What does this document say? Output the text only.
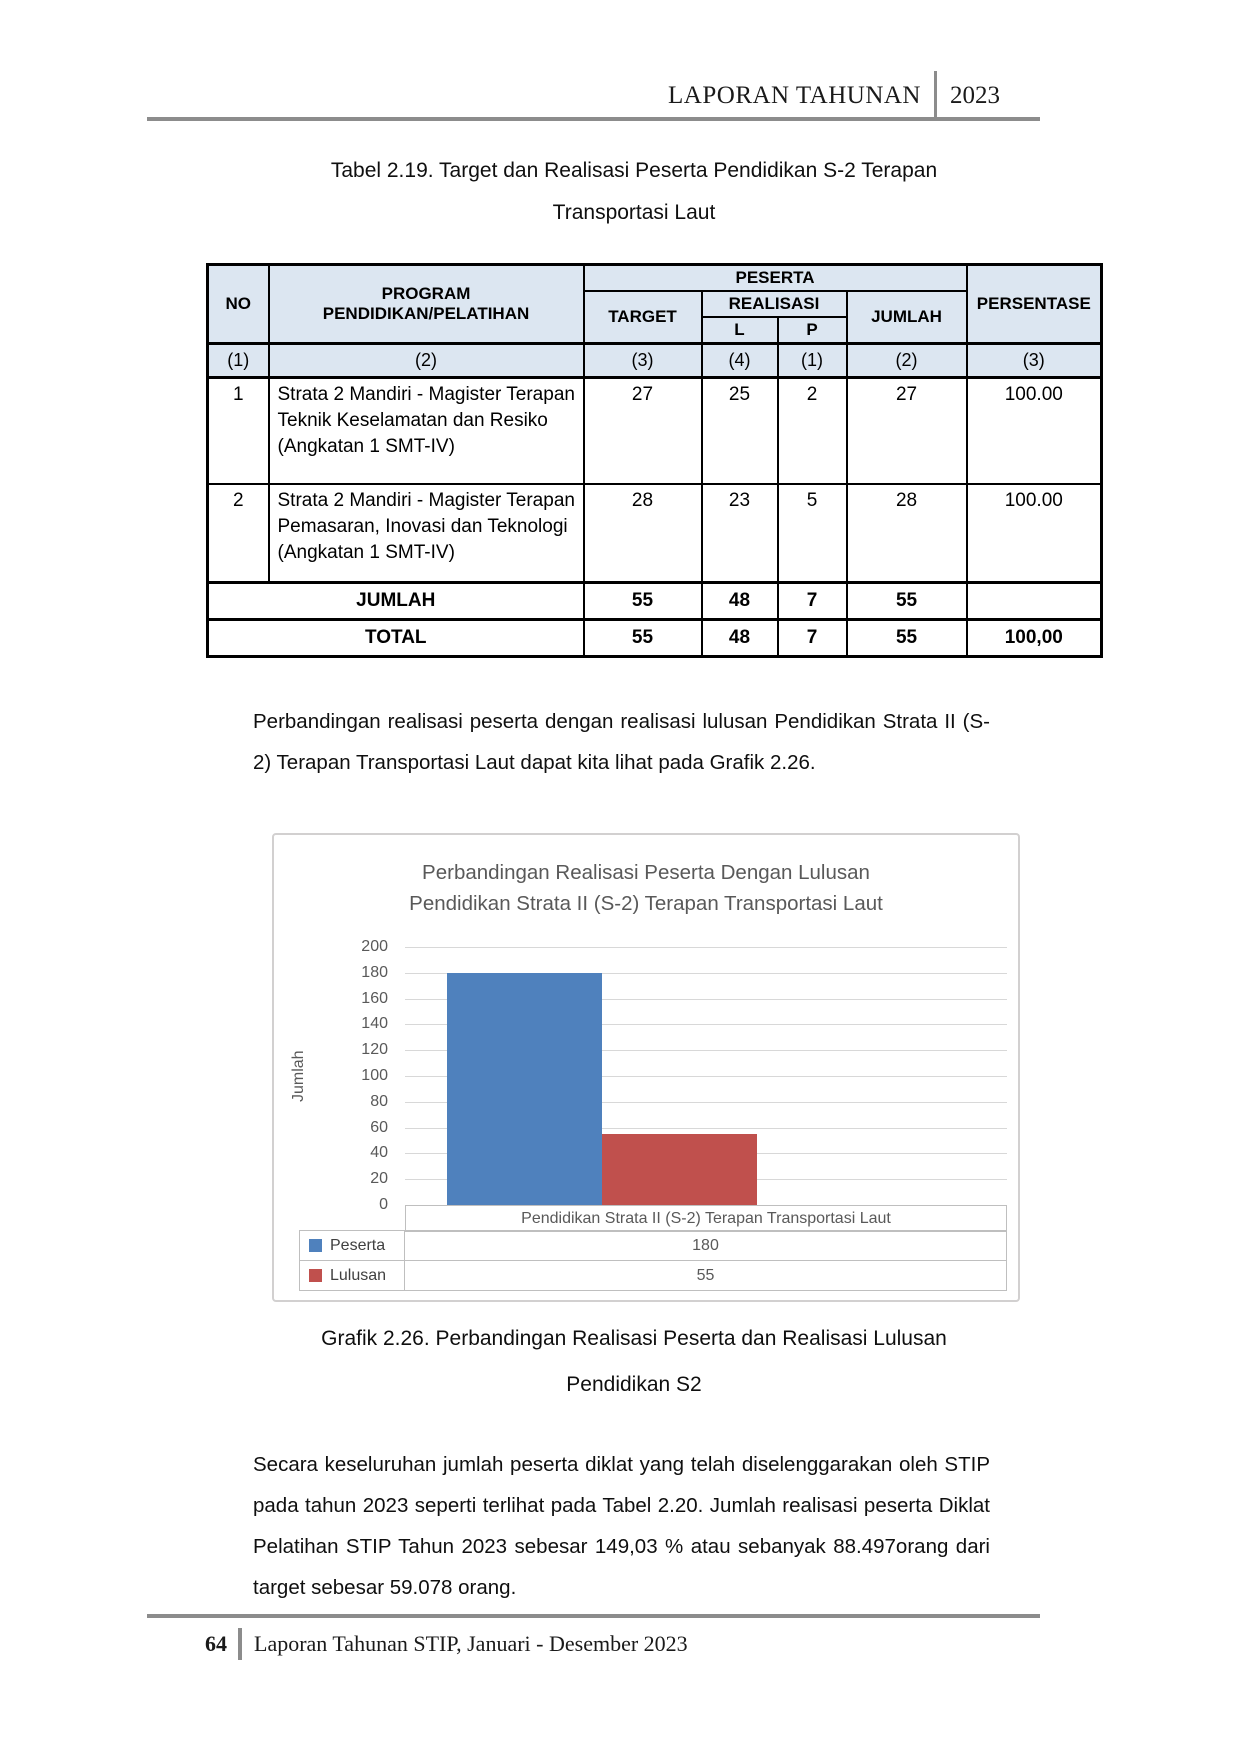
LAPORAN TAHUNAN	2023
Tabel 2.19. Target dan Realisasi Peserta Pendidikan S-2 Terapan
Transportasi Laut
NO	PROGRAM PENDIDIKAN/PELATIHAN	PESERTA				PERSENTASE
		TARGET	REALISASI		JUMLAH	
			L	P		
(1)	(2)	(3)	(4)	(1)	(2)	(3)
1	Strata 2 Mandiri - Magister Terapan Teknik Keselamatan dan Resiko (Angkatan 1 SMT-IV)	27	25	2	27	100.00
2	Strata 2 Mandiri - Magister Terapan Pemasaran, Inovasi dan Teknologi (Angkatan 1 SMT-IV)	28	23	5	28	100.00
JUMLAH		55	48	7	55	
TOTAL		55	48	7	55	100,00
Perbandingan realisasi peserta dengan realisasi lulusan Pendidikan Strata II (S-2) Terapan Transportasi Laut dapat kita lihat pada Grafik 2.26.
Perbandingan Realisasi Peserta Dengan Lulusan
Pendidikan Strata II (S-2) Terapan Transportasi Laut
Jumlah
0
20
40
60
80
100
120
140
160
180
200
Pendidikan Strata II (S-2) Terapan Transportasi Laut
Peserta	180
Lulusan	55
Grafik 2.26. Perbandingan Realisasi Peserta dan Realisasi Lulusan
Pendidikan S2
Secara keseluruhan jumlah peserta diklat yang telah diselenggarakan oleh STIP pada tahun 2023 seperti terlihat pada Tabel 2.20. Jumlah realisasi peserta Diklat Pelatihan STIP Tahun 2023 sebesar 149,03 % atau sebanyak 88.497orang dari target sebesar 59.078 orang.
64	Laporan Tahunan STIP, Januari - Desember 2023
